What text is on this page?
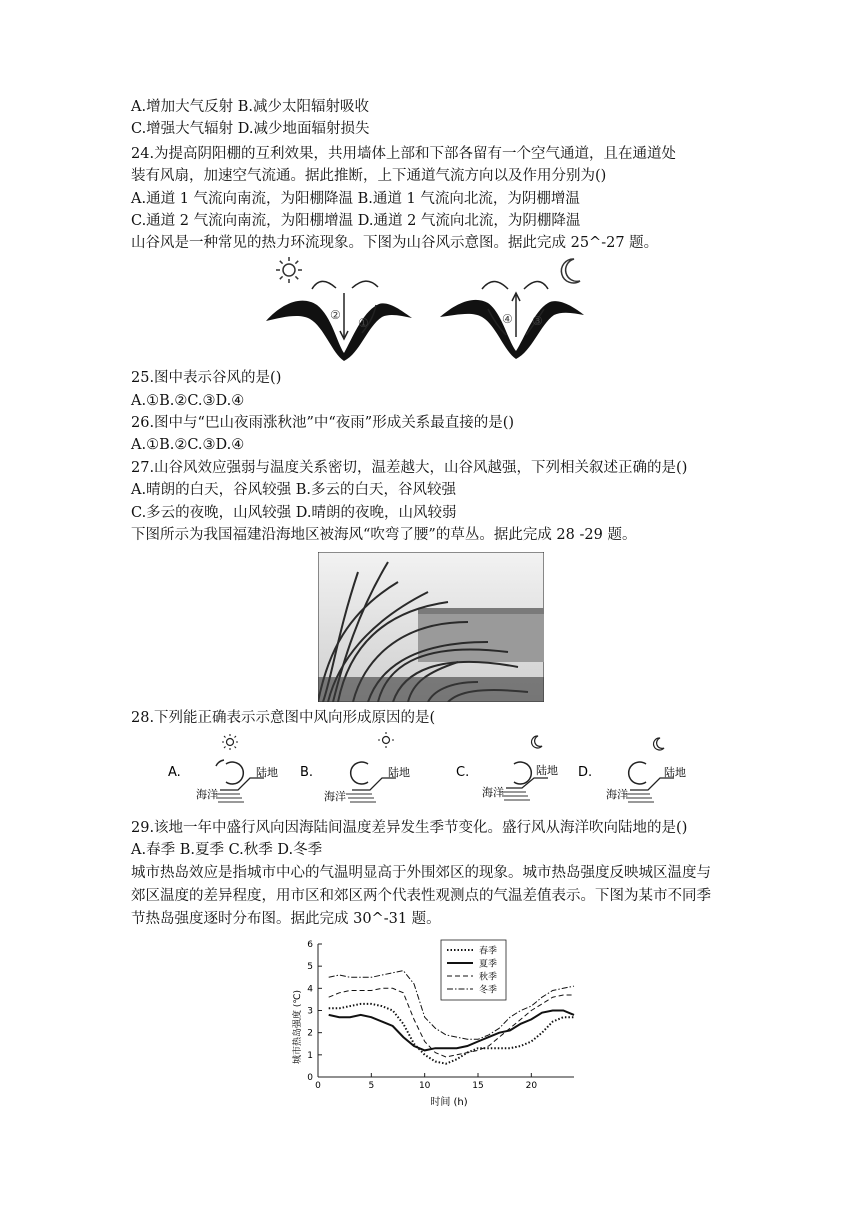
A.增加大气反射 B.减少太阳辐射吸收
C.增强大气辐射 D.减少地面辐射损失
24.为提高阴阳棚的互利效果，共用墙体上部和下部各留有一个空气通道，且在通道处
装有风扇，加速空气流通。据此推断，上下通道气流方向以及作用分别为()
A.通道 1 气流向南流，为阳棚降温 B.通道 1 气流向北流，为阴棚增温
C.通道 2 气流向南流，为阳棚增温 D.通道 2 气流向北流，为阴棚降温
山谷风是一种常见的热力环流现象。下图为山谷风示意图。据此完成 25^-27 题。
②
①	④ ③
25.图中表示谷风的是()
A.①B.②C.③D.④
26.图中与“巴山夜雨涨秋池”中“夜雨”形成关系最直接的是()
A.①B.②C.③D.④
27.山谷风效应强弱与温度关系密切，温差越大，山谷风越强，下列相关叙述正确的是()
A.晴朗的白天，谷风较强 B.多云的白天，谷风较强
C.多云的夜晚，山风较强 D.晴朗的夜晚，山风较弱
下图所示为我国福建沿海地区被海风“吹弯了腰”的草丛。据此完成 28 -29 题。
28.下列能正确表示示意图中风向形成原因的是(
A.	陆地
海洋
B.	陆地
海洋
C.	陆地
海洋
D.	陆地
海洋
29.该地一年中盛行风向因海陆间温度差异发生季节变化。盛行风从海洋吹向陆地的是()
A.春季 B.夏季 C.秋季 D.冬季
城市热岛效应是指城市中心的气温明显高于外围郊区的现象。城市热岛强度反映城区温度与
郊区温度的差异程度，用市区和郊区两个代表性观测点的气温差值表示。下图为某市不同季
节热岛强度逐时分布图。据此完成 30^-31 题。
0
1
2
3
4
5
6
0	5	10	15	20
春季
夏季
秋季
冬季
城市热岛强度 (℃)
时间 (h)
